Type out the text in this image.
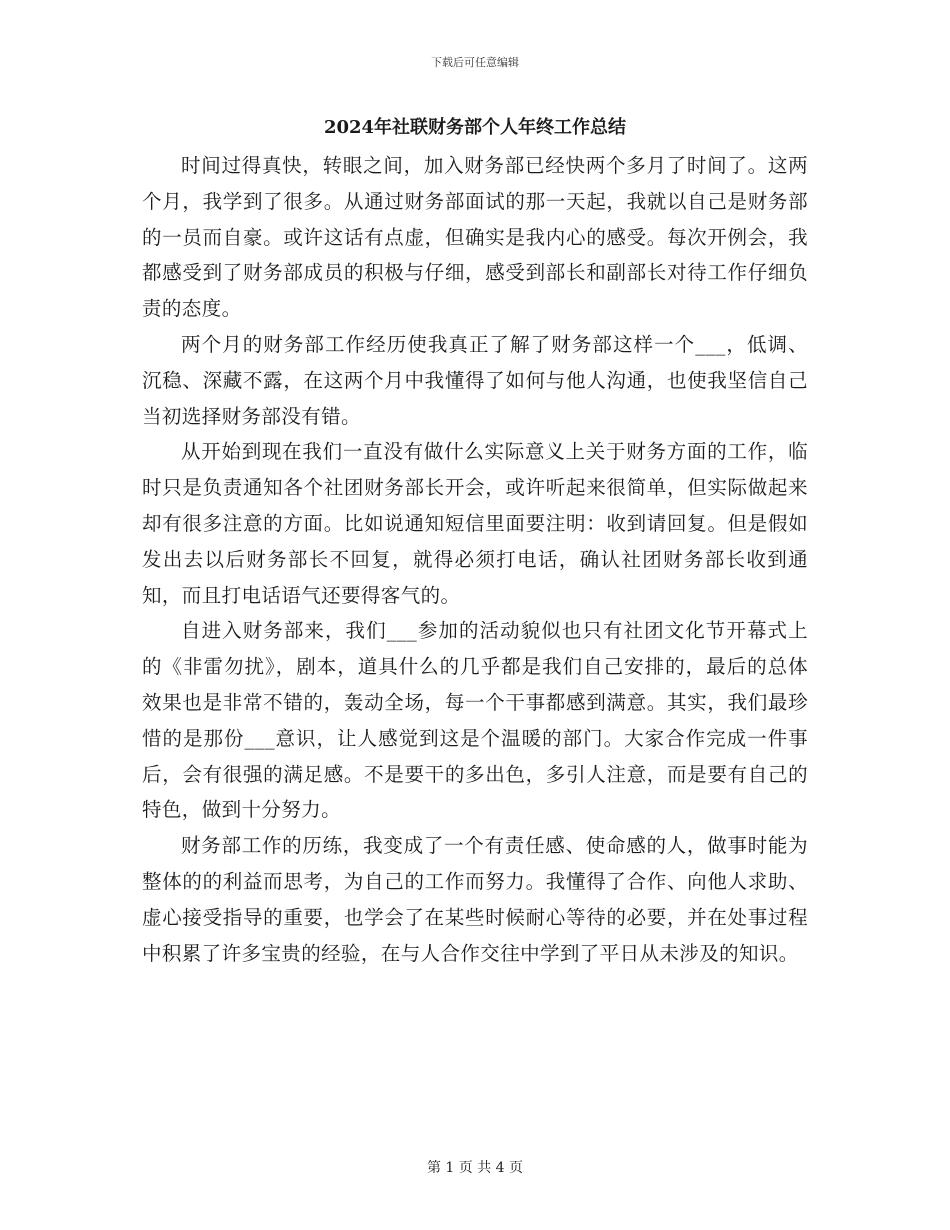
下载后可任意编辑
2024年社联财务部个人年终工作总结

时间过得真快，转眼之间，加入财务部已经快两个多月了时间了。这两个月，我学到了很多。从通过财务部面试的那一天起，我就以自己是财务部的一员而自豪。或许这话有点虚，但确实是我内心的感受。每次开例会，我都感受到了财务部成员的积极与仔细，感受到部长和副部长对待工作仔细负责的态度。

两个月的财务部工作经历使我真正了解了财务部这样一个___，低调、沉稳、深藏不露，在这两个月中我懂得了如何与他人沟通，也使我坚信自己当初选择财务部没有错。

从开始到现在我们一直没有做什么实际意义上关于财务方面的工作，临时只是负责通知各个社团财务部长开会，或许听起来很简单，但实际做起来却有很多注意的方面。比如说通知短信里面要注明：收到请回复。但是假如发出去以后财务部长不回复，就得必须打电话，确认社团财务部长收到通知，而且打电话语气还要得客气的。

自进入财务部来，我们___参加的活动貌似也只有社团文化节开幕式上的《非雷勿扰》，剧本，道具什么的几乎都是我们自己安排的，最后的总体效果也是非常不错的，轰动全场，每一个干事都感到满意。其实，我们最珍惜的是那份___意识，让人感觉到这是个温暖的部门。大家合作完成一件事后，会有很强的满足感。不是要干的多出色，多引人注意，而是要有自己的特色，做到十分努力。

财务部工作的历练，我变成了一个有责任感、使命感的人，做事时能为整体的的利益而思考，为自己的工作而努力。我懂得了合作、向他人求助、虚心接受指导的重要，也学会了在某些时候耐心等待的必要，并在处事过程中积累了许多宝贵的经验，在与人合作交往中学到了平日从未涉及的知识。

第 1 页 共 4 页
